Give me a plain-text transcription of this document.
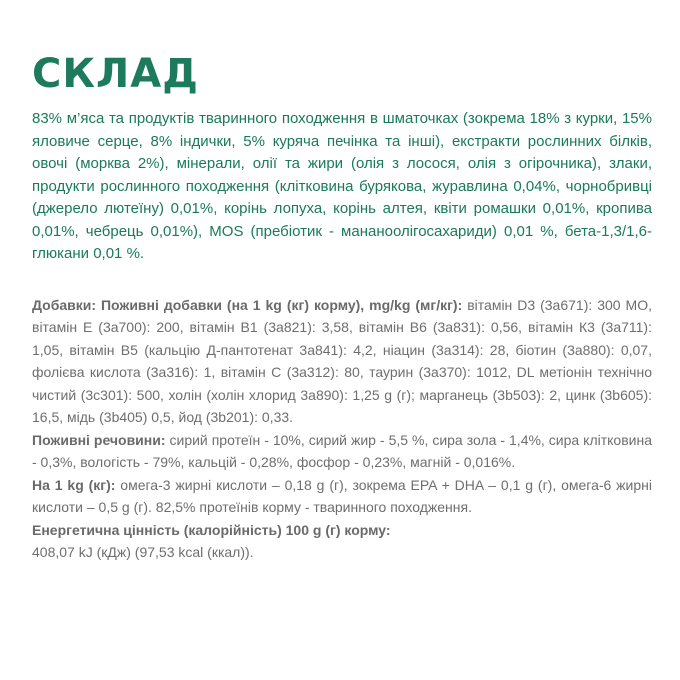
СКЛАД

83% м’яса та продуктів тваринного походження в шматочках (зокрема 18% з курки, 15% яловиче серце, 8% індички, 5% куряча печінка та інші), екстракти рослинних білків, овочі (морква 2%), мінерали, олії та жири (олія з лосося, олія з огірочника), злаки, продукти рослинного походження (клітковина бурякова, журавлина 0,04%, чорнобривці (джерело лютеїну) 0,01%, корінь лопуха, корінь алтея, квіти ромашки 0,01%, кропива 0,01%, чебрець 0,01%), MOS (пребіотик - мананоолігосахариди) 0,01 %, бета-1,3/1,6-глюкани 0,01 %.

Добавки: Поживні добавки (на 1 kg (кг) корму), mg/kg (мг/кг): вітамін D3 (3a671): 300 МО, вітамін Е (3a700): 200, вітамін В1 (3a821): 3,58, вітамін В6 (3a831): 0,56, вітамін К3 (3a711): 1,05, вітамін В5 (кальцію Д-пантотенат 3a841): 4,2, ніацин (3a314): 28, біотин (3a880): 0,07, фолієва кислота (3a316): 1, вітамін С (3a312): 80, таурин (3a370): 1012, DL метіонін технічно чистий (3c301): 500, холін (холін хлорид 3a890): 1,25 g (г); марганець (3b503): 2, цинк (3b605): 16,5, мідь (3b405) 0,5, йод (3b201): 0,33.

Поживні речовини: сирий протеїн - 10%, сирий жир - 5,5 %, сира зола - 1,4%, сира клітковина - 0,3%, вологість - 79%, кальцій - 0,28%, фосфор - 0,23%, магній - 0,016%.

На 1 kg (кг): омега-3 жирні кислоти – 0,18 g (г), зокрема EPA + DHA – 0,1 g (г), омега-6 жирні кислоти – 0,5 g (г). 82,5% протеїнів корму - тваринного походження.

Енергетична цінність (калорійність) 100 g (г) корму:

408,07 kJ (кДж) (97,53 kcal (ккал)).
